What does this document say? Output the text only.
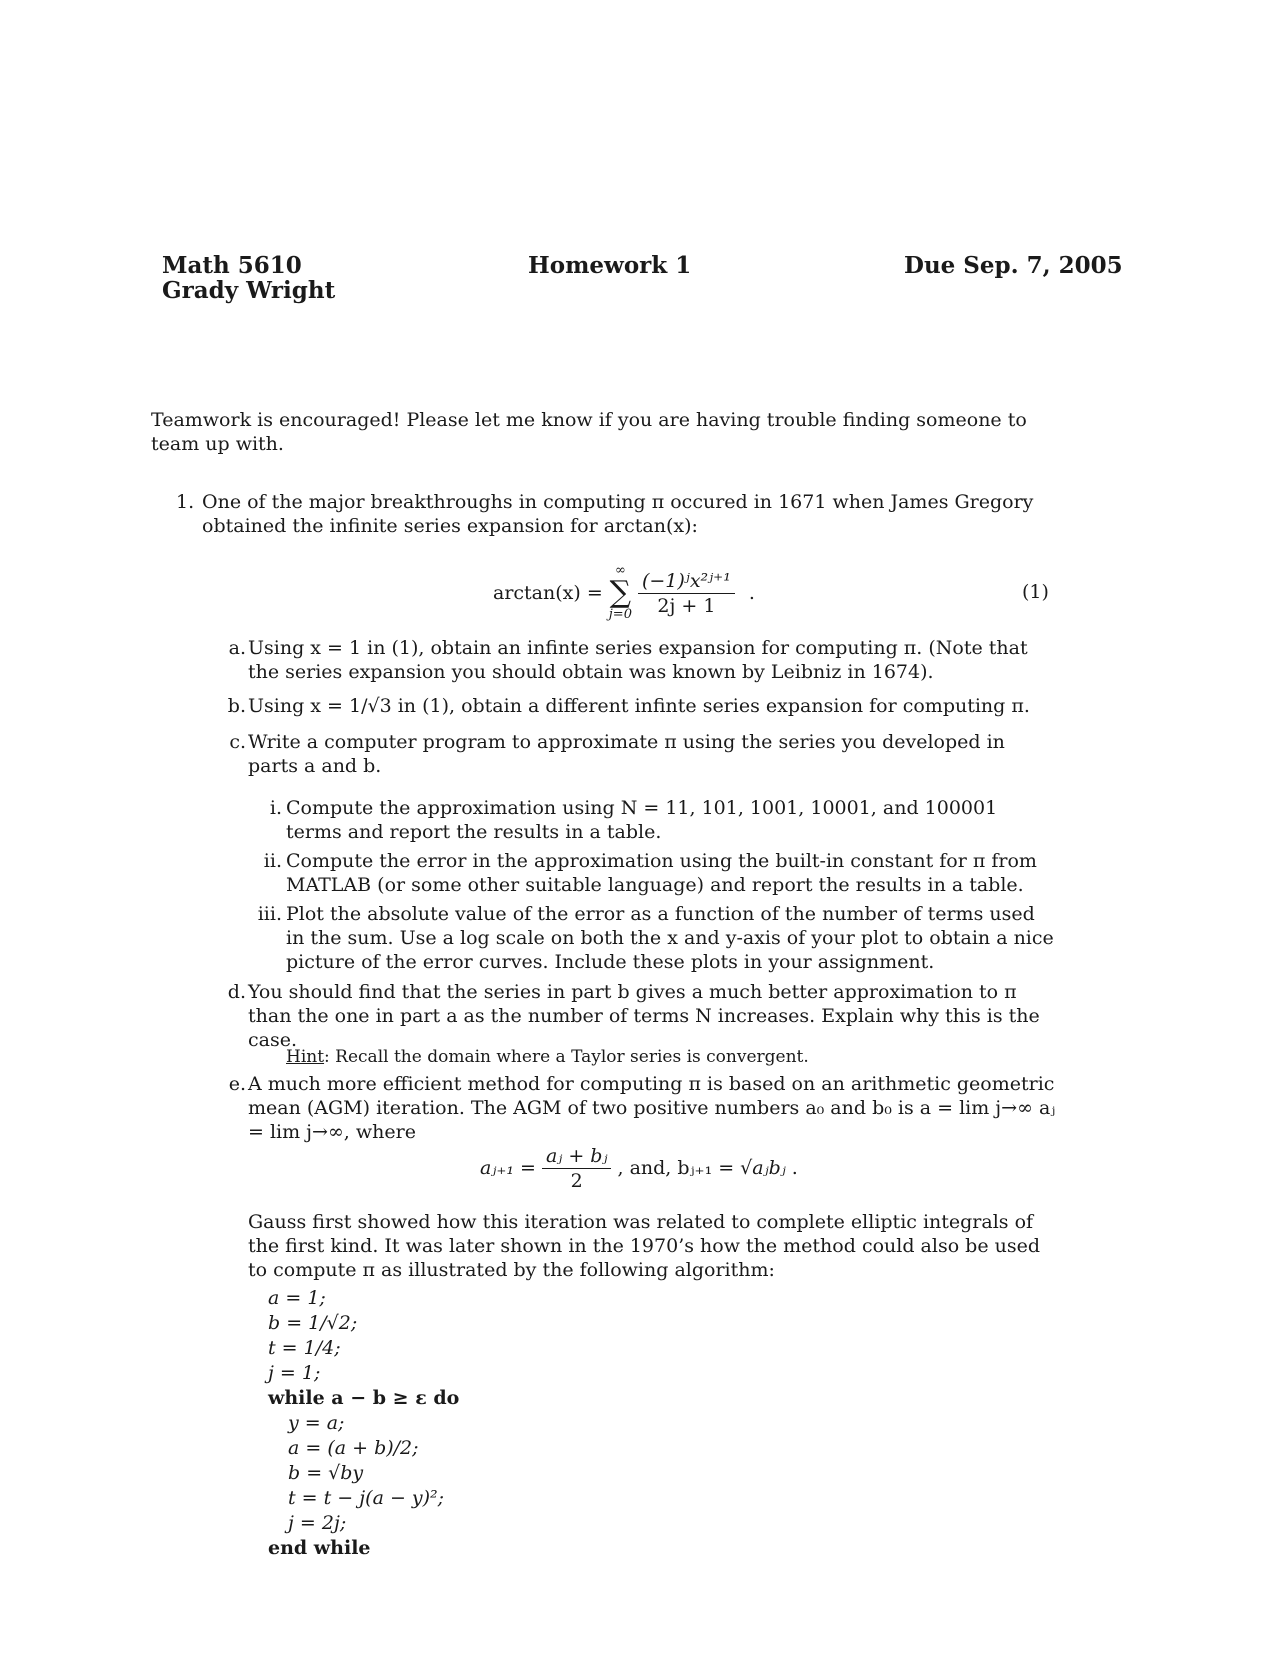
Math 5610
Grady Wright
Homework 1	Due Sep. 7, 2005
Teamwork is encouraged! Please let me know if you are having trouble finding someone to team up with.
1. One of the major breakthroughs in computing π occured in 1671 when James Gregory obtained the infinite series expansion for arctan(x):
arctan(x) =
∞
∑
$j=0 \frac{\text{(−1)ʲx²ʲ⁺¹}}{2j + 1}$ .	(1)
a. Using x = 1 in (1), obtain an infinte series expansion for computing π. (Note that the series expansion you should obtain was known by Leibniz in 1674).
b. Using x = 1/√3 in (1), obtain a different infinte series expansion for computing π.
c. Write a computer program to approximate π using the series you developed in parts a and b.
d. You should find that the series in part b gives a much better approximation to π than the one in part a as the number of terms N increases. Explain why this is the case.
e. A much more efficient method for computing π is based on an arithmetic geometric mean (AGM) iteration. The AGM of two positive numbers a₀ and b₀ is a = lim j→∞ aⱼ = lim j→∞, where
i. Compute the approximation using N = 11, 101, 1001, 10001, and 100001 terms and report the results in a table.
ii. Compute the error in the approximation using the built-in constant for π from MATLAB (or some other suitable language) and report the results in a table.
iii. Plot the absolute value of the error as a function of the number of terms used in the sum. Use a log scale on both the x and y-axis of your plot to obtain a nice picture of the error curves. Include these plots in your assignment.
Hint: Recall the domain where a Taylor series is convergent.
aⱼ₊₁ = $\frac{\text{aⱼ + bⱼ}}{2}$ , and, bⱼ₊₁ = √aⱼbⱼ .
Gauss first showed how this iteration was related to complete elliptic integrals of the first kind. It was later shown in the 1970’s how the method could also be used to compute π as illustrated by the following algorithm:
a = 1;
b = 1/√2;
t = 1/4;
j = 1;
while a − b ≥ ε do
y = a;
a = (a + b)/2;
b = √by
t = t − j(a − y)²;
j = 2j;
end while
